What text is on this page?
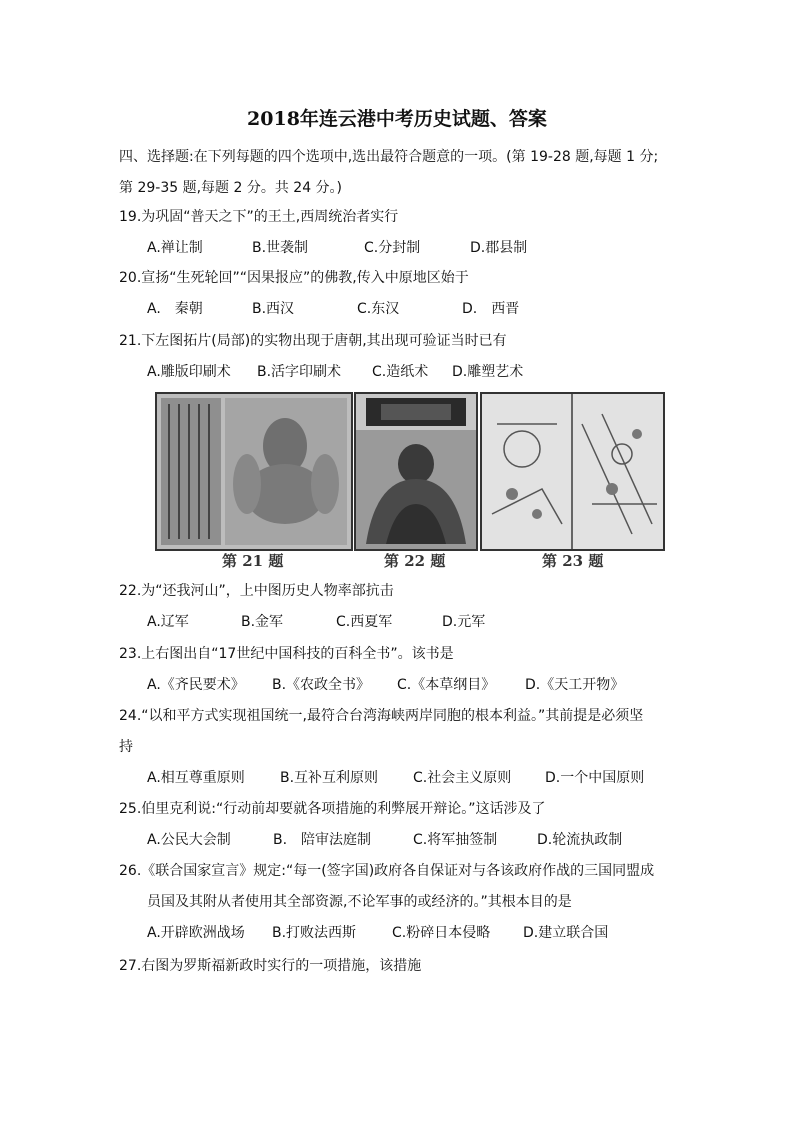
2018年连云港中考历史试题、答案
四、选择题:在下列每题的四个选项中,选出最符合题意的一项。(第 19-28 题,每题 1 分;
第 29-35 题,每题 2 分。共 24 分。)
19.为巩固“普天之下”的王土,西周统治者实行
A.禅让制	B.世袭制	C.分封制	D.郡县制
20.宣扬“生死轮回”“因果报应”的佛教,传入中原地区始于
A.　秦朝	B.西汉	C.东汉	D.　西晋
21.下左图拓片(局部)的实物出现于唐朝,其出现可验证当时已有
A.雕版印刷术 B.活字印刷术 C.造纸术 D.雕塑艺术
第 21 题	第 22 题	第 23 题
22.为“还我河山”，上中图历史人物率部抗击
A.辽军	B.金军	C.西夏军	D.元军
23.上右图出自“17世纪中国科技的百科全书”。该书是
A.《齐民要术》 B.《农政全书》 C.《本草纲目》 D.《天工开物》
24.“以和平方式实现祖国统一,最符合台湾海峡两岸同胞的根本利益。”其前提是必须坚
持
A.相互尊重原则	B.互补互利原则 C.社会主义原则 D.一个中国原则
25.伯里克利说:“行动前却要就各项措施的利弊展开辩论。”这话涉及了
A.公民大会制	B.　陪审法庭制	C.将军抽签制	D.轮流执政制
26.《联合国家宣言》规定:“每一(签字国)政府各自保证对与各该政府作战的三国同盟成
员国及其附从者使用其全部资源,不论军事的或经济的。”其根本目的是
A.开辟欧洲战场 B.打败法西斯	C.粉碎日本侵略 D.建立联合国
27.右图为罗斯福新政时实行的一项措施，该措施
